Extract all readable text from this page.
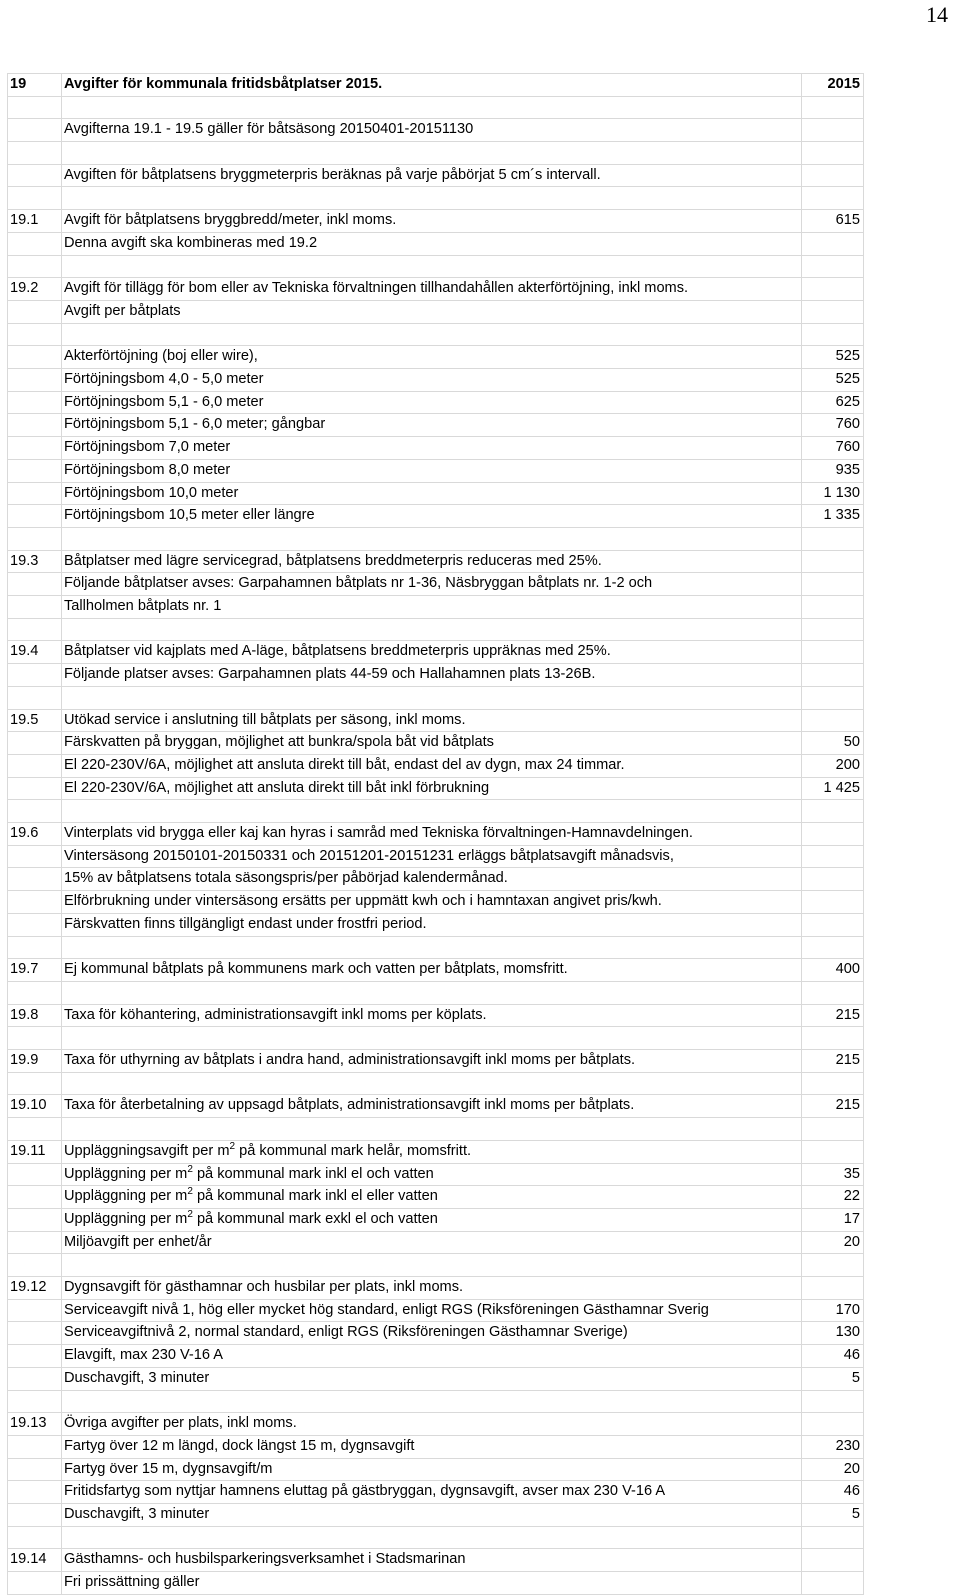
14
19	Avgifter för kommunala fritidsbåtplatser 2015.	2015

	Avgifterna 19.1 - 19.5 gäller för båtsäsong 20150401-20151130	

	Avgiften för båtplatsens bryggmeterpris beräknas på varje påbörjat 5 cm´s intervall.	

19.1	Avgift för båtplatsens bryggbredd/meter, inkl moms.	615
	Denna avgift ska kombineras med 19.2	

19.2	Avgift för tillägg för bom eller av Tekniska förvaltningen tillhandahållen akterförtöjning, inkl moms.	
	Avgift per båtplats	

	Akterförtöjning (boj eller wire),	525
	Förtöjningsbom 4,0 - 5,0 meter	525
	Förtöjningsbom 5,1 - 6,0 meter	625
	Förtöjningsbom 5,1 - 6,0 meter; gångbar	760
	Förtöjningsbom 7,0 meter	760
	Förtöjningsbom 8,0 meter	935
	Förtöjningsbom 10,0 meter	1 130
	Förtöjningsbom 10,5 meter eller längre	1 335

19.3	Båtplatser med lägre servicegrad, båtplatsens breddmeterpris reduceras med 25%.	
	Följande båtplatser avses: Garpahamnen båtplats nr 1-36, Näsbryggan båtplats nr. 1-2 och	
	Tallholmen båtplats nr. 1	

19.4	Båtplatser vid kajplats med A-läge, båtplatsens breddmeterpris uppräknas med 25%.	
	Följande platser avses: Garpahamnen plats 44-59 och Hallahamnen plats 13-26B.	

19.5	Utökad service i anslutning till båtplats per säsong, inkl moms.	
	Färskvatten på bryggan, möjlighet att bunkra/spola båt vid båtplats	50
	El 220-230V/6A, möjlighet att ansluta direkt till båt, endast del av dygn, max 24 timmar.	200
	El 220-230V/6A, möjlighet att ansluta direkt till båt inkl förbrukning	1 425

19.6	Vinterplats vid brygga eller kaj kan hyras i samråd med Tekniska förvaltningen-Hamnavdelningen.	
	Vintersäsong 20150101-20150331 och 20151201-20151231 erläggs båtplatsavgift månadsvis,	
	15% av båtplatsens totala säsongspris/per påbörjad kalendermånad.	
	Elförbrukning under vintersäsong ersätts per uppmätt kwh och i hamntaxan angivet pris/kwh.	
	Färskvatten finns tillgängligt endast under frostfri period.	

19.7	Ej kommunal båtplats på kommunens mark och vatten per båtplats, momsfritt.	400

19.8	Taxa för köhantering, administrationsavgift inkl moms per köplats.	215

19.9	Taxa för uthyrning av båtplats i andra hand, administrationsavgift inkl moms per båtplats.	215

19.10	Taxa för återbetalning av uppsagd båtplats, administrationsavgift inkl moms per båtplats.	215

19.11	Uppläggningsavgift per $m^2$ på kommunal mark helår, momsfritt.	
	Uppläggning per $m^2$ på kommunal mark inkl el och vatten	35
	Uppläggning per $m^2$ på kommunal mark inkl el eller vatten	22
	Uppläggning per $m^2$ på kommunal mark exkl el och vatten	17
	Miljöavgift per enhet/år	20

19.12	Dygnsavgift för gästhamnar och husbilar per plats, inkl moms.	
	Serviceavgift nivå 1, hög eller mycket hög standard, enligt RGS (Riksföreningen Gästhamnar Sverig	170
	Serviceavgiftnivå 2, normal standard, enligt RGS (Riksföreningen Gästhamnar Sverige)	130
	Elavgift, max 230 V-16 A	46
	Duschavgift, 3 minuter	5

19.13	Övriga avgifter per plats, inkl moms.	
	Fartyg över 12 m längd, dock längst 15 m, dygnsavgift	230
	Fartyg över 15 m, dygnsavgift/m	20
	Fritidsfartyg som nyttjar hamnens eluttag på gästbryggan, dygnsavgift, avser max 230 V-16 A	46
	Duschavgift, 3 minuter	5

19.14	Gästhamns- och husbilsparkeringsverksamhet i Stadsmarinan	
	Fri prissättning gäller	
